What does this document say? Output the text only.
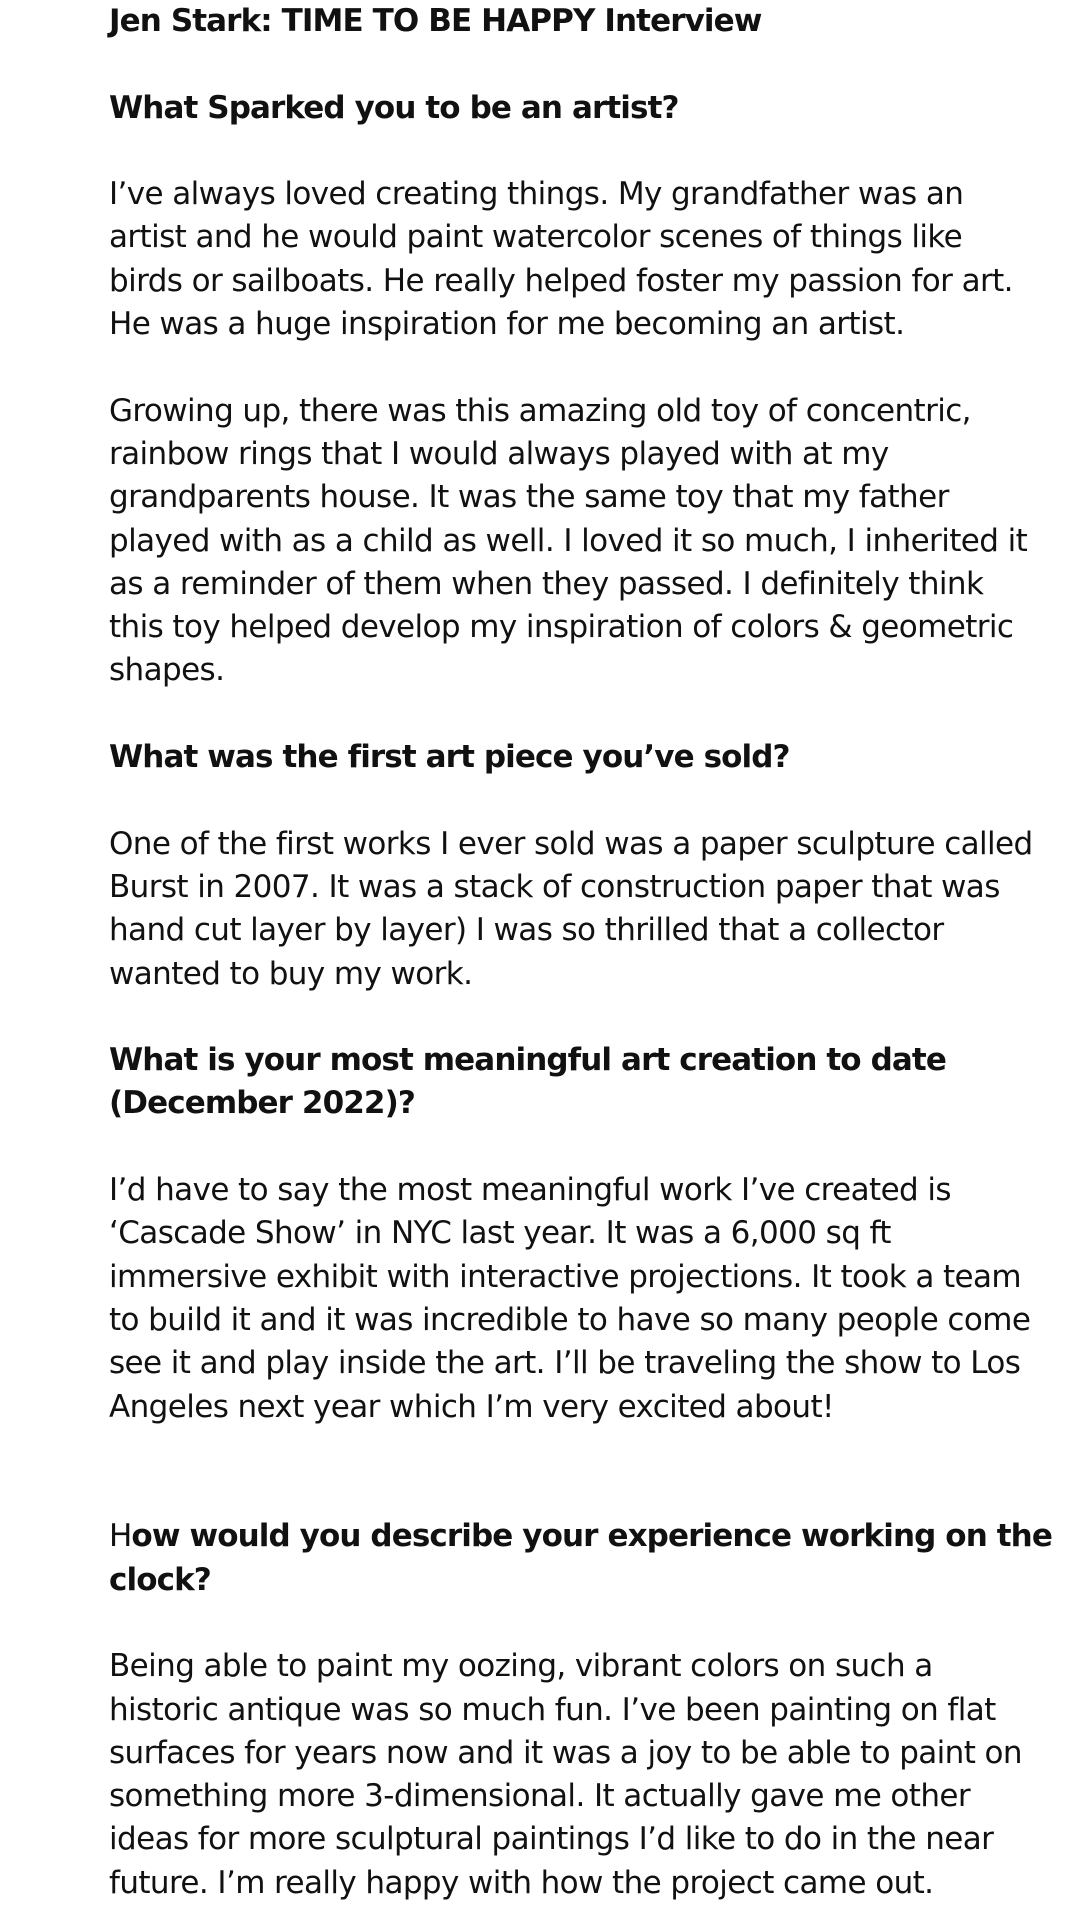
Jen Stark: TIME TO BE HAPPY Interview
What Sparked you to be an artist?
I’ve always loved creating things. My grandfather was an
artist and he would paint watercolor scenes of things like
birds or sailboats. He really helped foster my passion for art.
He was a huge inspiration for me becoming an artist.
Growing up, there was this amazing old toy of concentric,
rainbow rings that I would always played with at my
grandparents house. It was the same toy that my father
played with as a child as well. I loved it so much, I inherited it
as a reminder of them when they passed. I definitely think
this toy helped develop my inspiration of colors & geometric
shapes.
What was the first art piece you’ve sold?
One of the first works I ever sold was a paper sculpture called
Burst in 2007. It was a stack of construction paper that was
hand cut layer by layer) I was so thrilled that a collector
wanted to buy my work.
What is your most meaningful art creation to date
(December 2022)?
I’d have to say the most meaningful work I’ve created is
‘Cascade Show’ in NYC last year. It was a 6,000 sq ft
immersive exhibit with interactive projections. It took a team
to build it and it was incredible to have so many people come
see it and play inside the art. I’ll be traveling the show to Los
Angeles next year which I’m very excited about!
How would you describe your experience working on the
clock?
Being able to paint my oozing, vibrant colors on such a
historic antique was so much fun. I’ve been painting on flat
surfaces for years now and it was a joy to be able to paint on
something more 3-dimensional. It actually gave me other
ideas for more sculptural paintings I’d like to do in the near
future. I’m really happy with how the project came out.
